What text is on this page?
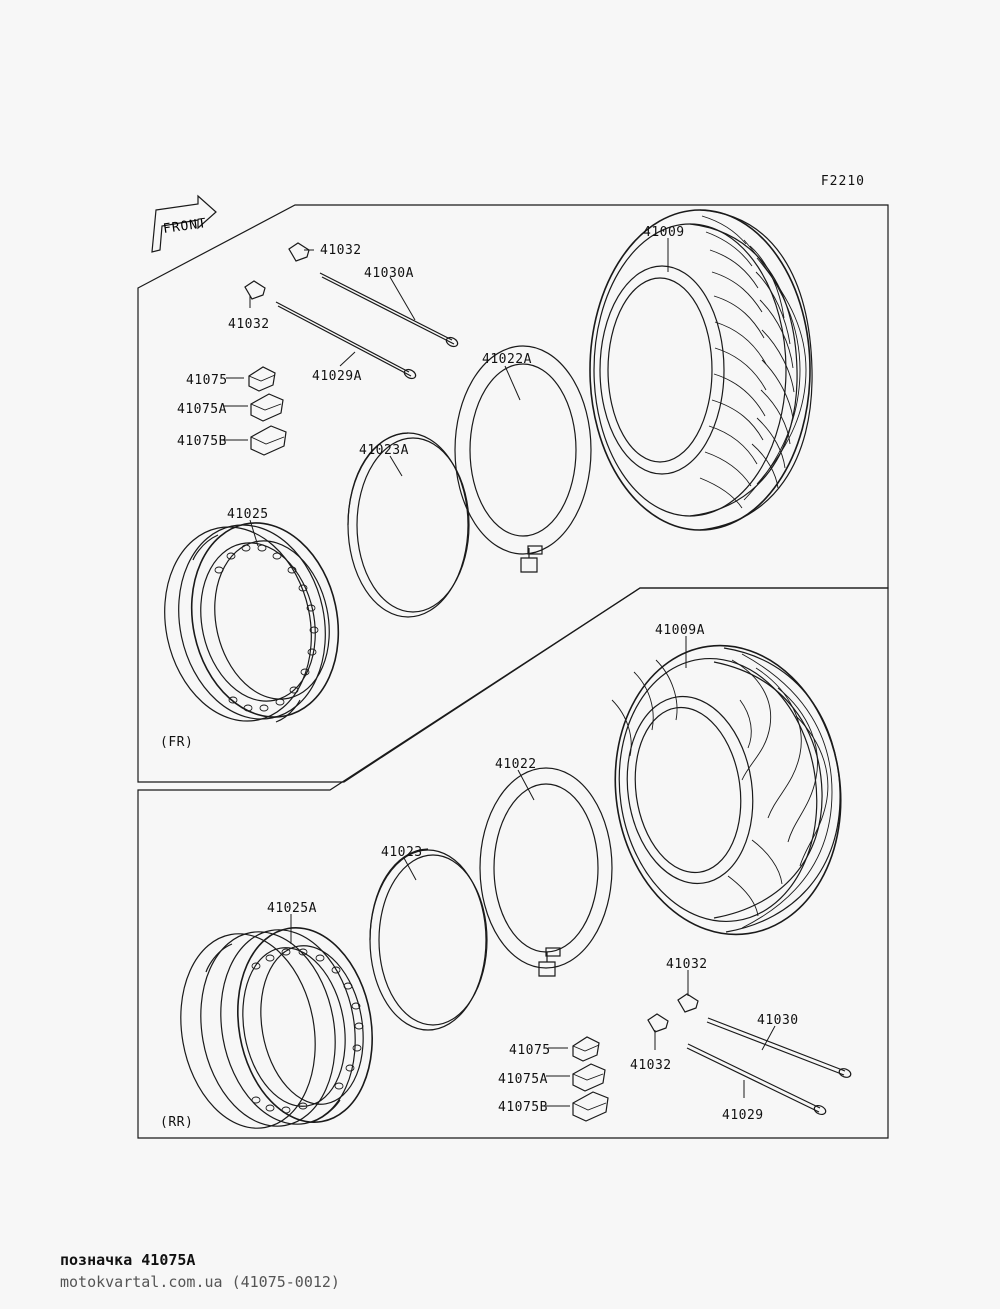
F2210
FRONT
41032
41030A
41032
41029A
41022A
41009
41075
41075A
41075B
41023A
41025
(FR)
41009A
41022
41023
41025A
41032
41030
41032
41075
41075A
41075B
41029
(RR)
позначка 41075A
motokvartal.com.ua (41075-0012)
